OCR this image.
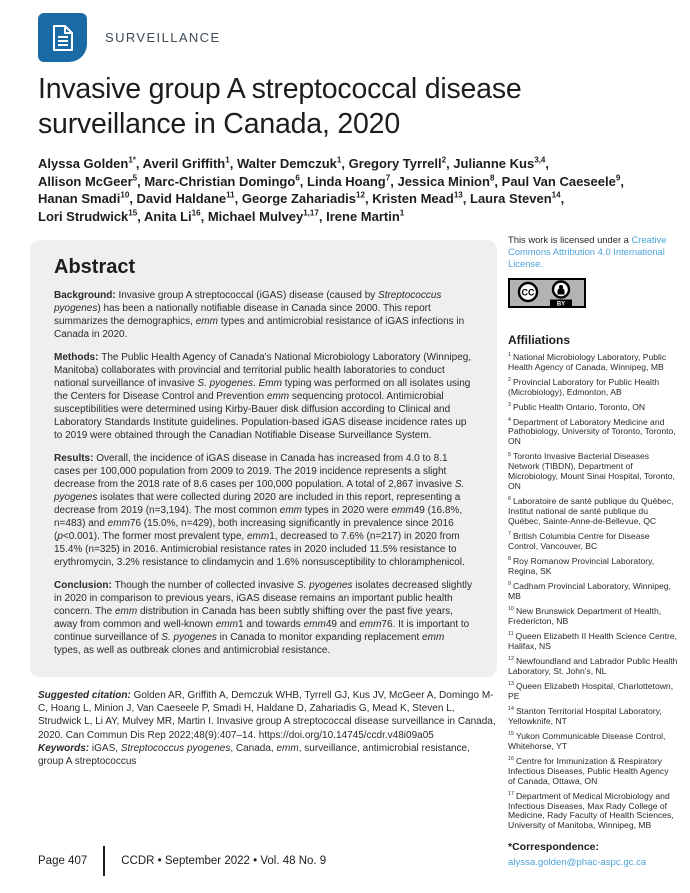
SURVEILLANCE
Invasive group A streptococcal disease surveillance in Canada, 2020
Alyssa Golden$^{1*}$, Averil Griffith$^1$, Walter Demczuk$^1$, Gregory Tyrrell$^2$, Julianne Kus$^{3,4}$,
Allison McGeer$^5$, Marc-Christian Domingo$^6$, Linda Hoang$^7$, Jessica Minion$^8$, Paul Van Caeseele$^9$,
Hanan Smadi$^{10}$, David Haldane$^{11}$, George Zahariadis$^{12}$, Kristen Mead$^{13}$, Laura Steven$^{14}$,
Lori Strudwick$^{15}$, Anita Li$^{16}$, Michael Mulvey$^{1,17}$, Irene Martin$^1$
Abstract

Background: Invasive group A streptococcal (iGAS) disease (caused by Streptococcus pyogenes) has been a nationally notifiable disease in Canada since 2000. This report summarizes the demographics, emm types and antimicrobial resistance of iGAS infections in Canada in 2020.

Methods: The Public Health Agency of Canada's National Microbiology Laboratory (Winnipeg, Manitoba) collaborates with provincial and territorial public health laboratories to conduct national surveillance of invasive S. pyogenes. Emm typing was performed on all isolates using the Centers for Disease Control and Prevention emm sequencing protocol. Antimicrobial susceptibilities were determined using Kirby-Bauer disk diffusion according to Clinical and Laboratory Standards Institute guidelines. Population-based iGAS disease incidence rates up to 2019 were obtained through the Canadian Notifiable Disease Surveillance System.

Results: Overall, the incidence of iGAS disease in Canada has increased from 4.0 to 8.1 cases per 100,000 population from 2009 to 2019. The 2019 incidence represents a slight decrease from the 2018 rate of 8.6 cases per 100,000 population. A total of 2,867 invasive S. pyogenes isolates that were collected during 2020 are included in this report, representing a decrease from 2019 (n=3,194). The most common emm types in 2020 were emm49 (16.8%, n=483) and emm76 (15.0%, n=429), both increasing significantly in prevalence since 2016 (p<0.001). The former most prevalent type, emm1, decreased to 7.6% (n=217) in 2020 from 15.4% (n=325) in 2016. Antimicrobial resistance rates in 2020 included 11.5% resistance to erythromycin, 3.2% resistance to clindamycin and 1.6% nonsusceptibility to chloramphenicol.

Conclusion: Though the number of collected invasive S. pyogenes isolates decreased slightly in 2020 in comparison to previous years, iGAS disease remains an important public health concern. The emm distribution in Canada has been subtly shifting over the past five years, away from common and well-known emm1 and towards emm49 and emm76. It is important to continue surveillance of S. pyogenes in Canada to monitor expanding replacement emm types, as well as outbreak clones and antimicrobial resistance.

Suggested citation: Golden AR, Griffith A, Demczuk WHB, Tyrrell GJ, Kus JV, McGeer A, Domingo M-C, Hoang L, Minion J, Van Caeseele P, Smadi H, Haldane D, Zahariadis G, Mead K, Steven L, Strudwick L, Li AY, Mulvey MR, Martin I. Invasive group A streptococcal disease surveillance in Canada, 2020. Can Commun Dis Rep 2022;48(9):407–14. https://doi.org/10.14745/ccdr.v48i09a05

Keywords: iGAS, Streptococcus pyogenes, Canada, emm, surveillance, antimicrobial resistance, group A streptococcus

This work is licensed under a Creative Commons Attribution 4.0 International License.

CC
BY
Affiliations

$^1$ National Microbiology Laboratory, Public Health Agency of Canada, Winnipeg, MB

$^2$ Provincial Laboratory for Public Health (Microbiology), Edmonton, AB

$^3$ Public Health Ontario, Toronto, ON

$^4$ Department of Laboratory Medicine and Pathobiology, University of Toronto, Toronto, ON

$^5$ Toronto Invasive Bacterial Diseases Network (TIBDN), Department of Microbiology, Mount Sinai Hospital, Toronto, ON

$^6$ Laboratoire de santé publique du Québec, Institut national de santé publique du Québec, Sainte-Anne-de-Bellevue, QC

$^7$ British Columbia Centre for Disease Control, Vancouver, BC

$^8$ Roy Romanow Provincial Laboratory, Regina, SK

$^9$ Cadham Provincial Laboratory, Winnipeg, MB

$^{10}$ New Brunswick Department of Health, Fredericton, NB

$^{11}$ Queen Elizabeth II Health Science Centre, Halifax, NS

$^{12}$ Newfoundland and Labrador Public Health Laboratory, St. John's, NL

$^{13}$ Queen Elizabeth Hospital, Charlottetown, PE

$^{14}$ Stanton Territorial Hospital Laboratory, Yellowknife, NT

$^{15}$ Yukon Communicable Disease Control, Whitehorse, YT

$^{16}$ Centre for Immunization & Respiratory Infectious Diseases, Public Health Agency of Canada, Ottawa, ON

$^{17}$ Department of Medical Microbiology and Infectious Diseases, Max Rady College of Medicine, Rady Faculty of Health Sciences, University of Manitoba, Winnipeg, MB

*Correspondence:

alyssa.golden@phac-aspc.gc.ca

Page 407	CCDR • September 2022 • Vol. 48 No. 9
